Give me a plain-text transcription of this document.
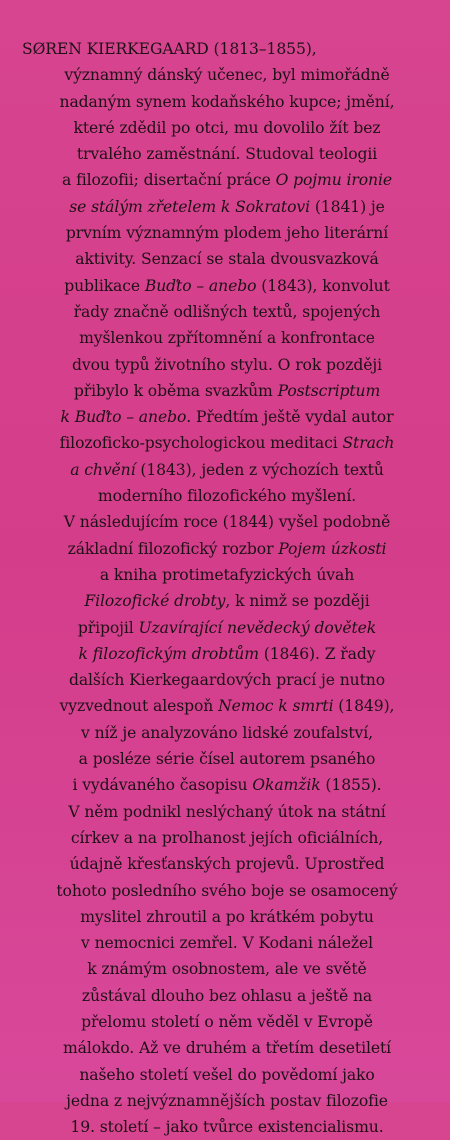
SØREN KIERKEGAARD (1813–1855),
významný dánský učenec, byl mimořádně
nadaným synem kodaňského kupce; jmění,
které zdědil po otci, mu dovolilo žít bez
trvalého zaměstnání. Studoval teologii
a filozofii; disertační práce O pojmu ironie
se stálým zřetelem k Sokratovi (1841) je
prvním významným plodem jeho literární
aktivity. Senzací se stala dvousvazková
publikace Buďto – anebo (1843), konvolut
řady značně odlišných textů, spojených
myšlenkou zpřítomnění a konfrontace
dvou typů životního stylu. O rok později
přibylo k oběma svazkům Postscriptum
k Buďto – anebo. Předtím ještě vydal autor
filozoficko-psychologickou meditaci Strach
a chvění (1843), jeden z výchozích textů
moderního filozofického myšlení.
V následujícím roce (1844) vyšel podobně
základní filozofický rozbor Pojem úzkosti
a kniha protimetafyzických úvah
Filozofické drobty, k nimž se později
připojil Uzavírající nevědecký dovětek
k filozofickým drobtům (1846). Z řady
dalších Kierkegaardových prací je nutno
vyzvednout alespoň Nemoc k smrti (1849),
v níž je analyzováno lidské zoufalství,
a posléze série čísel autorem psaného
i vydávaného časopisu Okamžik (1855).
V něm podnikl neslýchaný útok na státní
církev a na prolhanost jejích oficiálních,
údajně křesťanských projevů. Uprostřed
tohoto posledního svého boje se osamocený
myslitel zhroutil a po krátkém pobytu
v nemocnici zemřel. V Kodani náležel
k známým osobnostem, ale ve světě
zůstával dlouho bez ohlasu a ještě na
přelomu století o něm věděl v Evropě
málokdo. Až ve druhém a třetím desetiletí
našeho století vešel do povědomí jako
jedna z nejvýznamnějších postav filozofie
19. století – jako tvůrce existencialismu.
